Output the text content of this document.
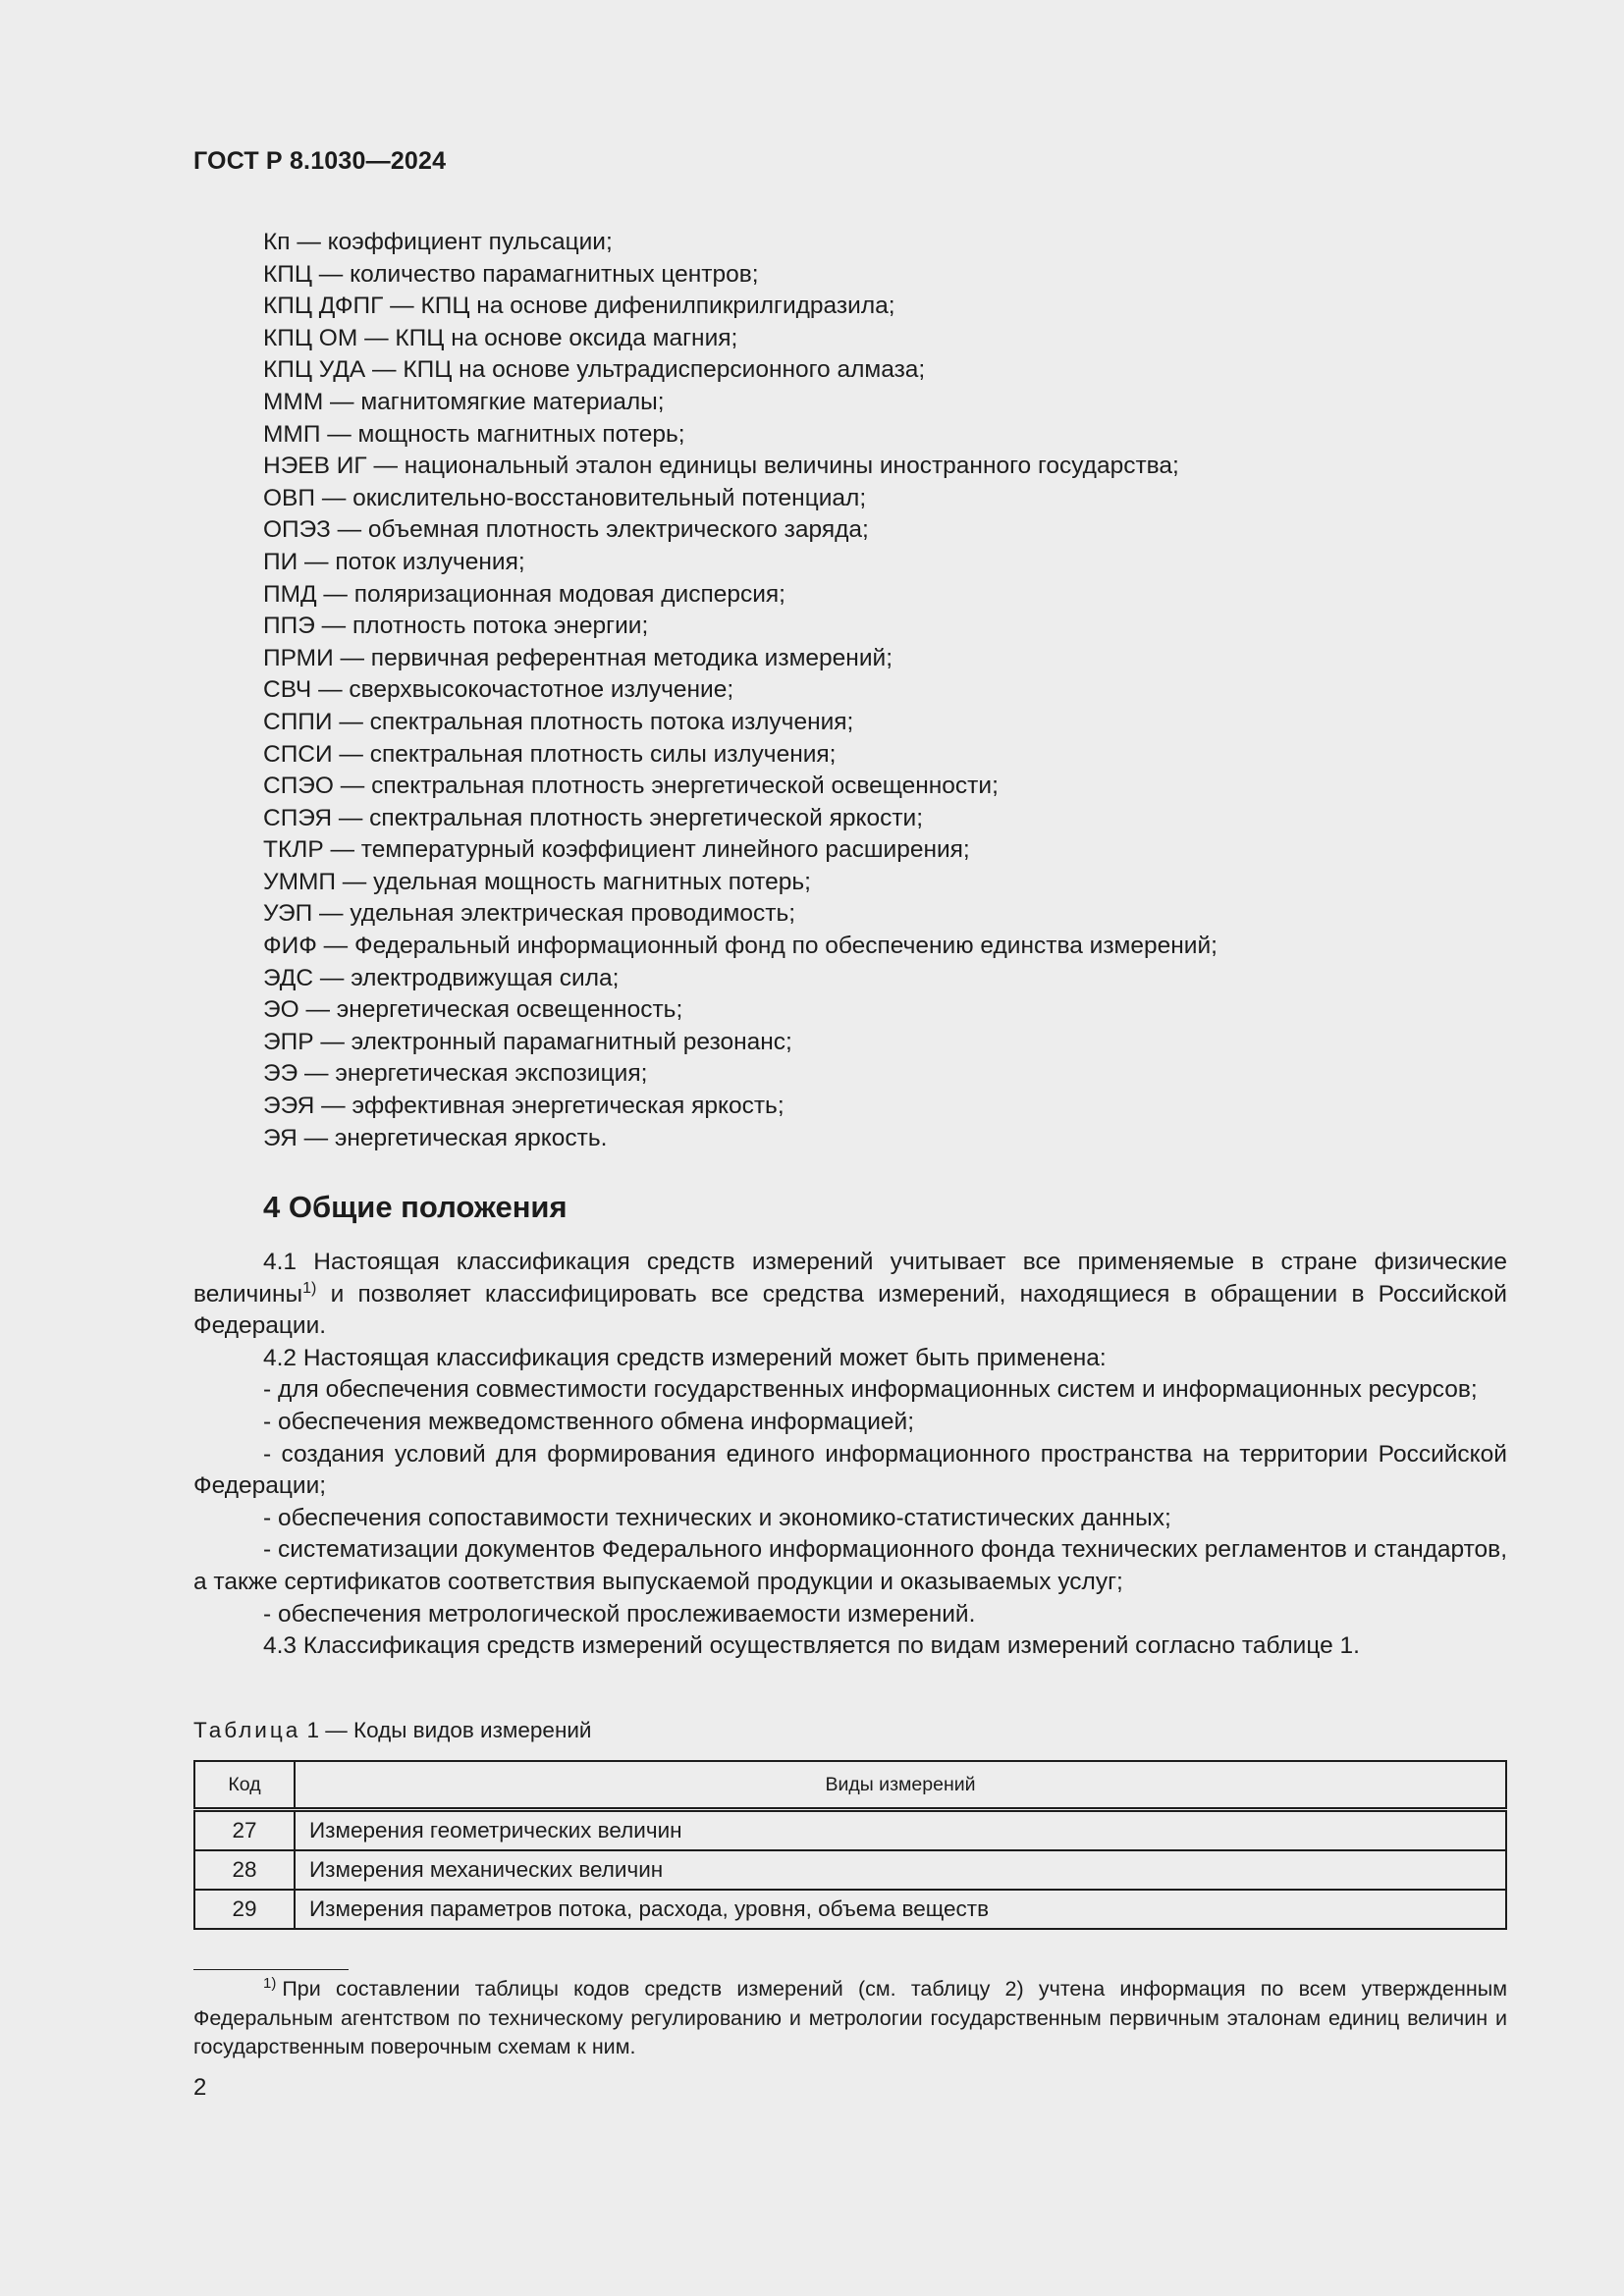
ГОСТ Р 8.1030—2024
Кп — коэффициент пульсации;
КПЦ — количество парамагнитных центров;
КПЦ ДФПГ — КПЦ на основе дифенилпикрилгидразила;
КПЦ ОМ — КПЦ на основе оксида магния;
КПЦ УДА — КПЦ на основе ультрадисперсионного алмаза;
МММ — магнитомягкие материалы;
ММП — мощность магнитных потерь;
НЭЕВ ИГ — национальный эталон единицы величины иностранного государства;
ОВП — окислительно-восстановительный потенциал;
ОПЭЗ — объемная плотность электрического заряда;
ПИ — поток излучения;
ПМД — поляризационная модовая дисперсия;
ППЭ — плотность потока энергии;
ПРМИ — первичная референтная методика измерений;
СВЧ — сверхвысокочастотное излучение;
СППИ — спектральная плотность потока излучения;
СПСИ — спектральная плотность силы излучения;
СПЭО — спектральная плотность энергетической освещенности;
СПЭЯ — спектральная плотность энергетической яркости;
ТКЛР — температурный коэффициент линейного расширения;
УММП — удельная мощность магнитных потерь;
УЭП — удельная электрическая проводимость;
ФИФ — Федеральный информационный фонд по обеспечению единства измерений;
ЭДС — электродвижущая сила;
ЭО — энергетическая освещенность;
ЭПР — электронный парамагнитный резонанс;
ЭЭ — энергетическая экспозиция;
ЭЭЯ — эффективная энергетическая яркость;
ЭЯ — энергетическая яркость.
4 Общие положения

4.1 Настоящая классификация средств измерений учитывает все применяемые в стране физические величины$^{1)}$ и позволяет классифицировать все средства измерений, находящиеся в обращении в Российской Федерации.

4.2 Настоящая классификация средств измерений может быть применена:

- для обеспечения совместимости государственных информационных систем и информационных ресурсов;

- обеспечения межведомственного обмена информацией;

- создания условий для формирования единого информационного пространства на территории Российской Федерации;

- обеспечения сопоставимости технических и экономико-статистических данных;

- систематизации документов Федерального информационного фонда технических регламентов и стандартов, а также сертификатов соответствия выпускаемой продукции и оказываемых услуг;

- обеспечения метрологической прослеживаемости измерений.

4.3 Классификация средств измерений осуществляется по видам измерений согласно таблице 1.

Таблица 1 — Коды видов измерений
Код	Виды измерений
27	Измерения геометрических величин
28	Измерения механических величин
29	Измерения параметров потока, расхода, уровня, объема веществ

$^{1)}$ При составлении таблицы кодов средств измерений (см. таблицу 2) учтена информация по всем утвержденным Федеральным агентством по техническому регулированию и метрологии государственным первичным эталонам единиц величин и государственным поверочным схемам к ним.

2
